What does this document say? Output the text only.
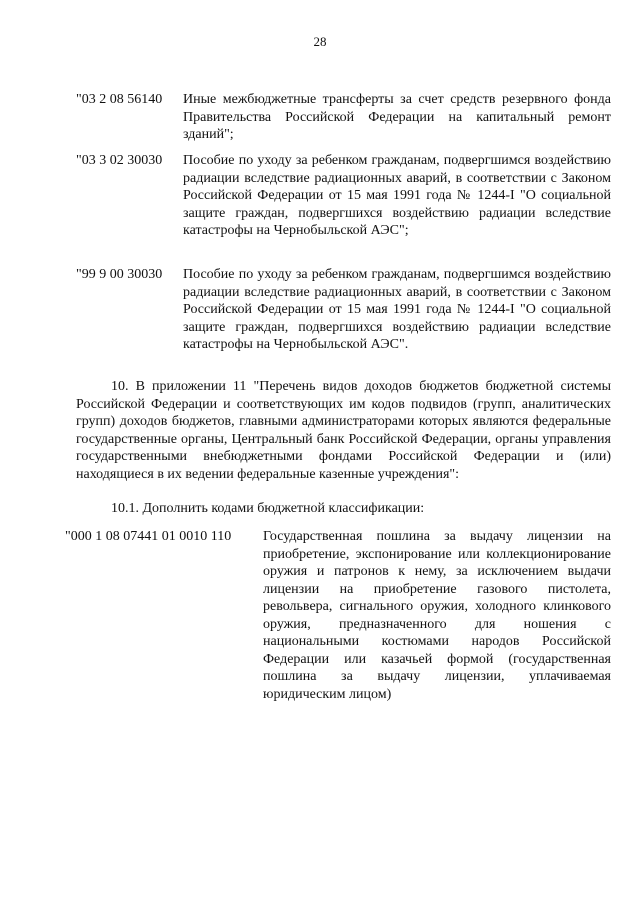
28
"03 2 08 56140	Иные межбюджетные трансферты за счет средств резервного фонда Правительства Российской Федерации на капитальный ремонт зданий";
"03 3 02 30030	Пособие по уходу за ребенком гражданам, подвергшимся воздействию радиации вследствие радиационных аварий, в соответствии с Законом Российской Федерации от 15 мая 1991 года № 1244-I "О социальной защите граждан, подвергшихся воздействию радиации вследствие катастрофы на Чернобыльской АЭС";
"99 9 00 30030	Пособие по уходу за ребенком гражданам, подвергшимся воздействию радиации вследствие радиационных аварий, в соответствии с Законом Российской Федерации от 15 мая 1991 года № 1244-I "О социальной защите граждан, подвергшихся воздействию радиации вследствие катастрофы на Чернобыльской АЭС".
10. В приложении 11 "Перечень видов доходов бюджетов бюджетной системы Российской Федерации и соответствующих им кодов подвидов (групп, аналитических групп) доходов бюджетов, главными администраторами которых являются федеральные государственные органы, Центральный банк Российской Федерации, органы управления государственными внебюджетными фондами Российской Федерации и (или) находящиеся в их ведении федеральные казенные учреждения":
10.1. Дополнить кодами бюджетной классификации:
"000 1 08 07441 01 0010 110	Государственная пошлина за выдачу лицензии на приобретение, экспонирование или коллекционирование оружия и патронов к нему, за исключением выдачи лицензии на приобретение газового пистолета, револьвера, сигнального оружия, холодного клинкового оружия, предназначенного для ношения с национальными костюмами народов Российской Федерации или казачьей формой (государственная пошлина за выдачу лицензии, уплачиваемая юридическим лицом)
